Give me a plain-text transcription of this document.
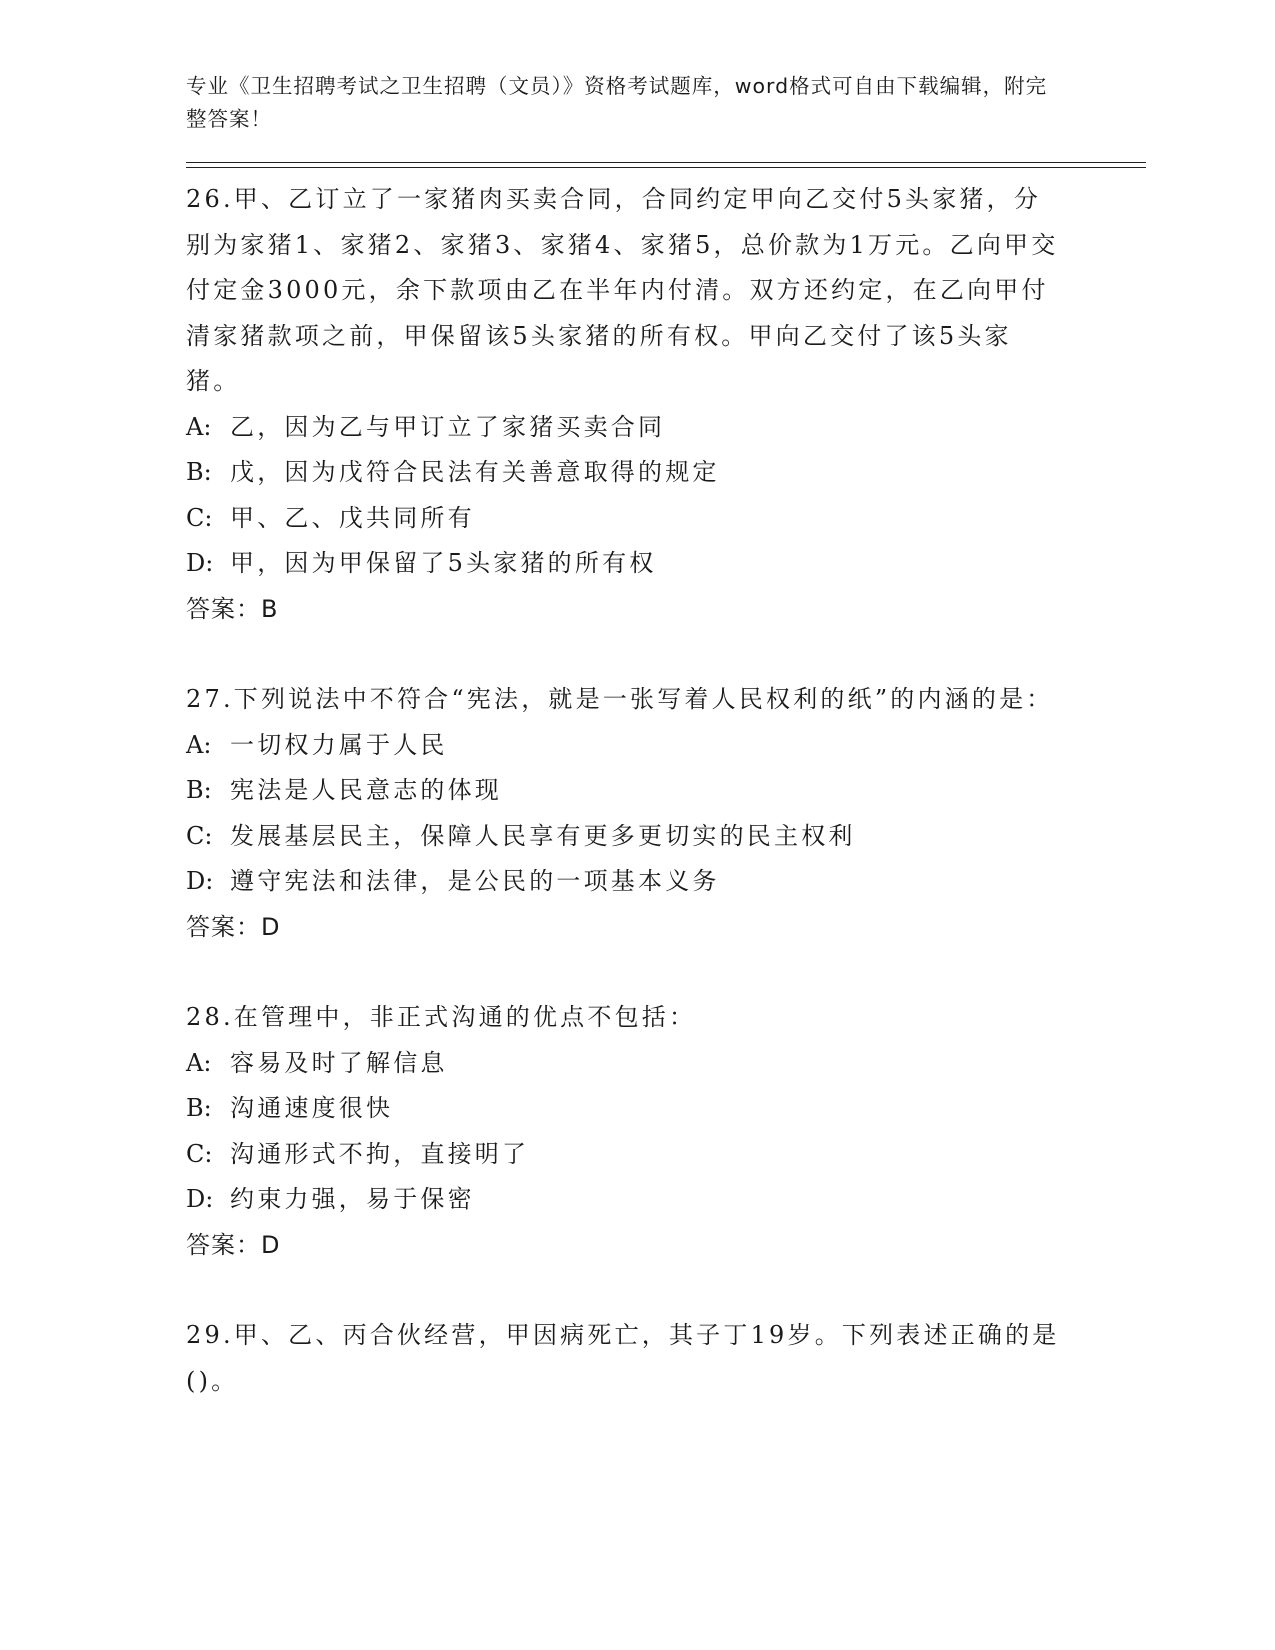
专业《卫生招聘考试之卫生招聘（文员）》资格考试题库，word格式可自由下载编辑，附完整答案！
26.甲、乙订立了一家猪肉买卖合同，合同约定甲向乙交付5头家猪，分别为家猪1、家猪2、家猪3、家猪4、家猪5，总价款为1万元。乙向甲交付定金3000元，余下款项由乙在半年内付清。双方还约定，在乙向甲付清家猪款项之前，甲保留该5头家猪的所有权。甲向乙交付了该5头家猪。
A: 乙，因为乙与甲订立了家猪买卖合同
B: 戊，因为戊符合民法有关善意取得的规定
C: 甲、乙、戊共同所有
D: 甲，因为甲保留了5头家猪的所有权
答案：B
27.下列说法中不符合“宪法，就是一张写着人民权利的纸”的内涵的是：
A: 一切权力属于人民
B: 宪法是人民意志的体现
C: 发展基层民主，保障人民享有更多更切实的民主权利
D: 遵守宪法和法律，是公民的一项基本义务
答案：D
28.在管理中，非正式沟通的优点不包括：
A: 容易及时了解信息
B: 沟通速度很快
C: 沟通形式不拘，直接明了
D: 约束力强，易于保密
答案：D
29.甲、乙、丙合伙经营，甲因病死亡，其子丁19岁。下列表述正确的是()。
